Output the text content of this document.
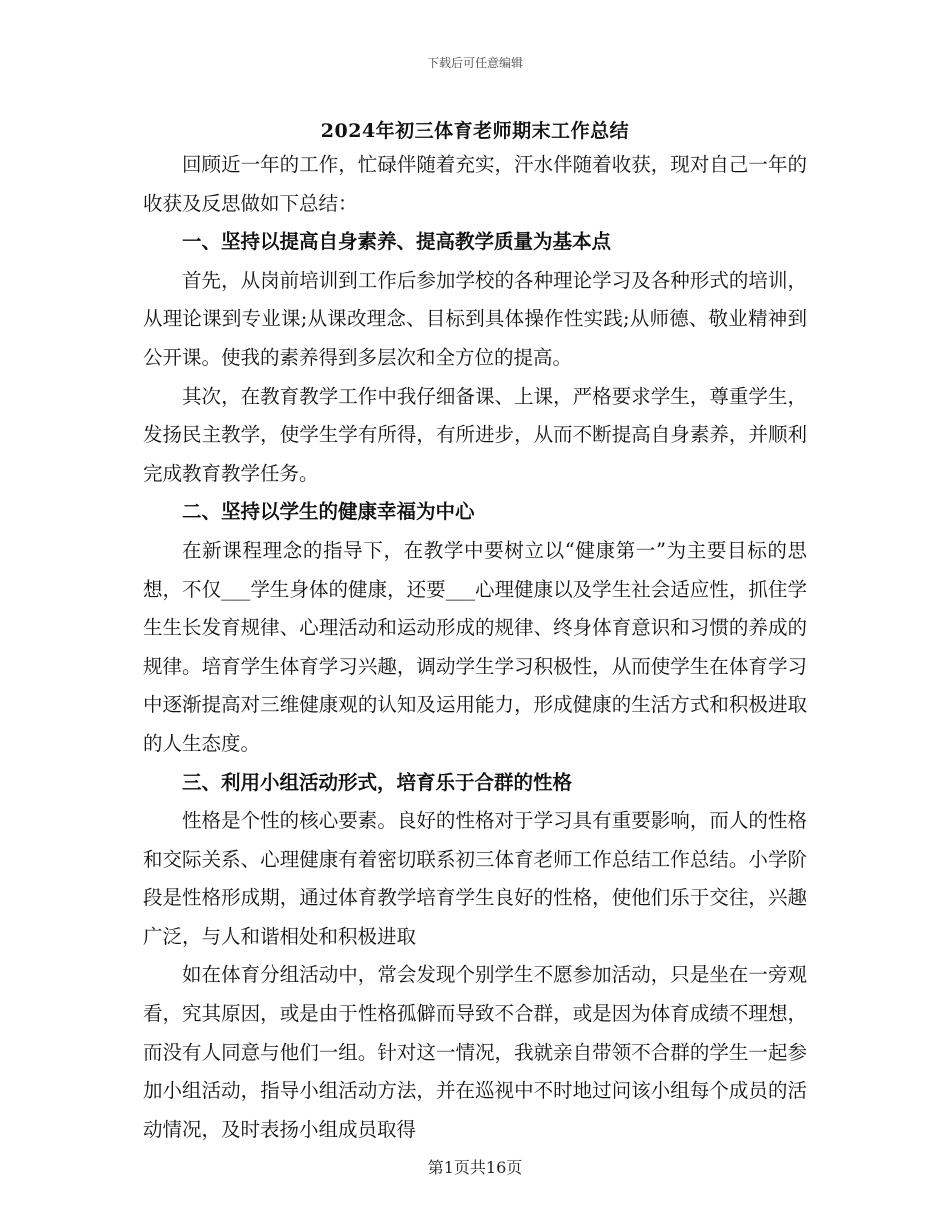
下载后可任意编辑
2024年初三体育老师期末工作总结

回顾近一年的工作，忙碌伴随着充实，汗水伴随着收获，现对自己一年的收获及反思做如下总结：

一、坚持以提高自身素养、提高教学质量为基本点

首先，从岗前培训到工作后参加学校的各种理论学习及各种形式的培训，从理论课到专业课;从课改理念、目标到具体操作性实践;从师德、敬业精神到公开课。使我的素养得到多层次和全方位的提高。

其次，在教育教学工作中我仔细备课、上课，严格要求学生，尊重学生，发扬民主教学，使学生学有所得，有所进步，从而不断提高自身素养，并顺利完成教育教学任务。

二、坚持以学生的健康幸福为中心

在新课程理念的指导下，在教学中要树立以“健康第一”为主要目标的思想，不仅___学生身体的健康，还要___心理健康以及学生社会适应性，抓住学生生长发育规律、心理活动和运动形成的规律、终身体育意识和习惯的养成的规律。培育学生体育学习兴趣，调动学生学习积极性，从而使学生在体育学习中逐渐提高对三维健康观的认知及运用能力，形成健康的生活方式和积极进取的人生态度。

三、利用小组活动形式，培育乐于合群的性格

性格是个性的核心要素。良好的性格对于学习具有重要影响，而人的性格和交际关系、心理健康有着密切联系初三体育老师工作总结工作总结。小学阶段是性格形成期，通过体育教学培育学生良好的性格，使他们乐于交往，兴趣广泛，与人和谐相处和积极进取

如在体育分组活动中，常会发现个别学生不愿参加活动，只是坐在一旁观看，究其原因，或是由于性格孤僻而导致不合群，或是因为体育成绩不理想，而没有人同意与他们一组。针对这一情况，我就亲自带领不合群的学生一起参加小组活动，指导小组活动方法，并在巡视中不时地过问该小组每个成员的活动情况，及时表扬小组成员取得

第1页共16页
